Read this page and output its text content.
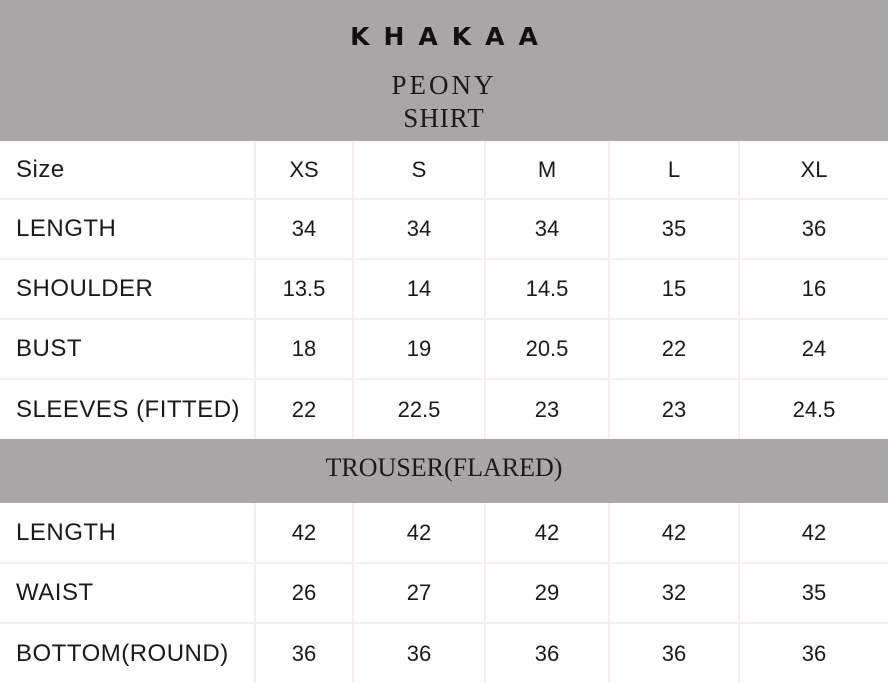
KHAKAA
PEONY
SHIRT
Size	XS	S	M	L	XL
LENGTH	34	34	34	35	36
SHOULDER	13.5	14	14.5	15	16
BUST	18	19	20.5	22	24
SLEEVES (FITTED)	22	22.5	23	23	24.5
TROUSER(FLARED)
LENGTH	42	42	42	42	42
WAIST	26	27	29	32	35
BOTTOM(ROUND)	36	36	36	36	36
